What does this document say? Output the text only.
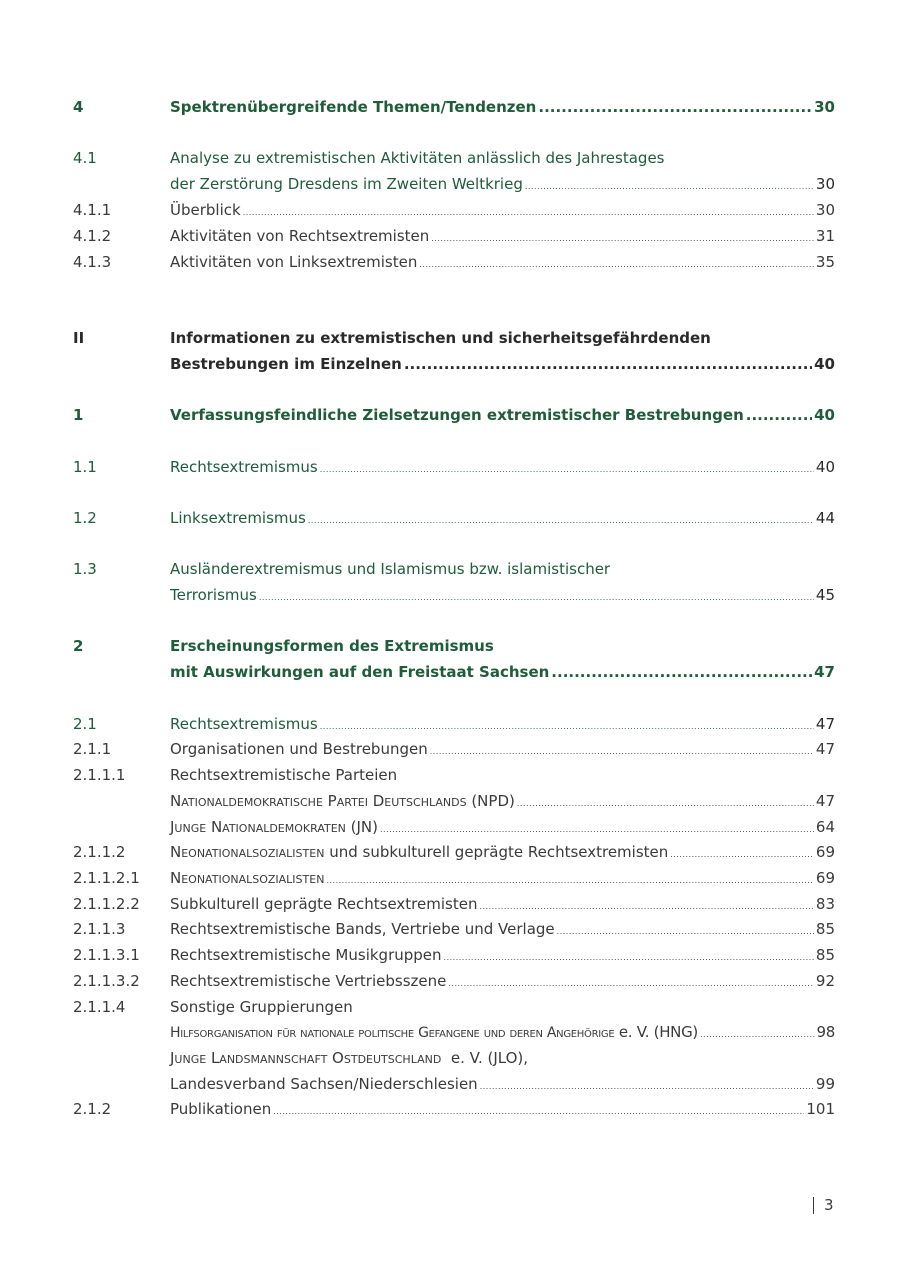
4	Spektrenübergreifende Themen/Tendenzen .....	30
4.1	Analyse zu extremistischen Aktivitäten anlässlich des Jahrestages
der Zerstörung Dresdens im Zweiten Weltkrieg .....	30
4.1.1	Überblick .....	30
4.1.2	Aktivitäten von Rechtsextremisten .....	31
4.1.3	Aktivitäten von Linksextremisten .....	35
II	Informationen zu extremistischen und sicherheitsgefährdenden
Bestrebungen im Einzelnen .....	40
1	Verfassungsfeindliche Zielsetzungen extremistischer Bestrebungen .....	40
1.1	Rechtsextremismus .....	40
1.2	Linksextremismus .....	44
1.3	Ausländerextremismus und Islamismus bzw. islamistischer
Terrorismus .....	45
2	Erscheinungsformen des Extremismus
mit Auswirkungen auf den Freistaat Sachsen .....	47
2.1	Rechtsextremismus .....	47
2.1.1	Organisationen und Bestrebungen .....	47
2.1.1.1	Rechtsextremistische Parteien
Nationaldemokratische Partei Deutschlands (NPD) .....	47
Junge Nationaldemokraten (JN) .....	64
2.1.1.2	Neonationalsozialisten und subkulturell geprägte Rechtsextremisten .....	69
2.1.1.2.1 Neonationalsozialisten .....	69
2.1.1.2.2 Subkulturell geprägte Rechtsextremisten .....	83
2.1.1.3	Rechtsextremistische Bands, Vertriebe und Verlage .....	85
2.1.1.3.1 Rechtsextremistische Musikgruppen .....	85
2.1.1.3.2 Rechtsextremistische Vertriebsszene .....	92
2.1.1.4	Sonstige Gruppierungen
Hilfsorganisation für nationale politische Gefangene und deren Angehörige e. V. (HNG) .....	98
Junge Landsmannschaft Ostdeutschland  e. V. (JLO),
Landesverband Sachsen/Niederschlesien .....	99
2.1.2	Publikationen .....	101
3
